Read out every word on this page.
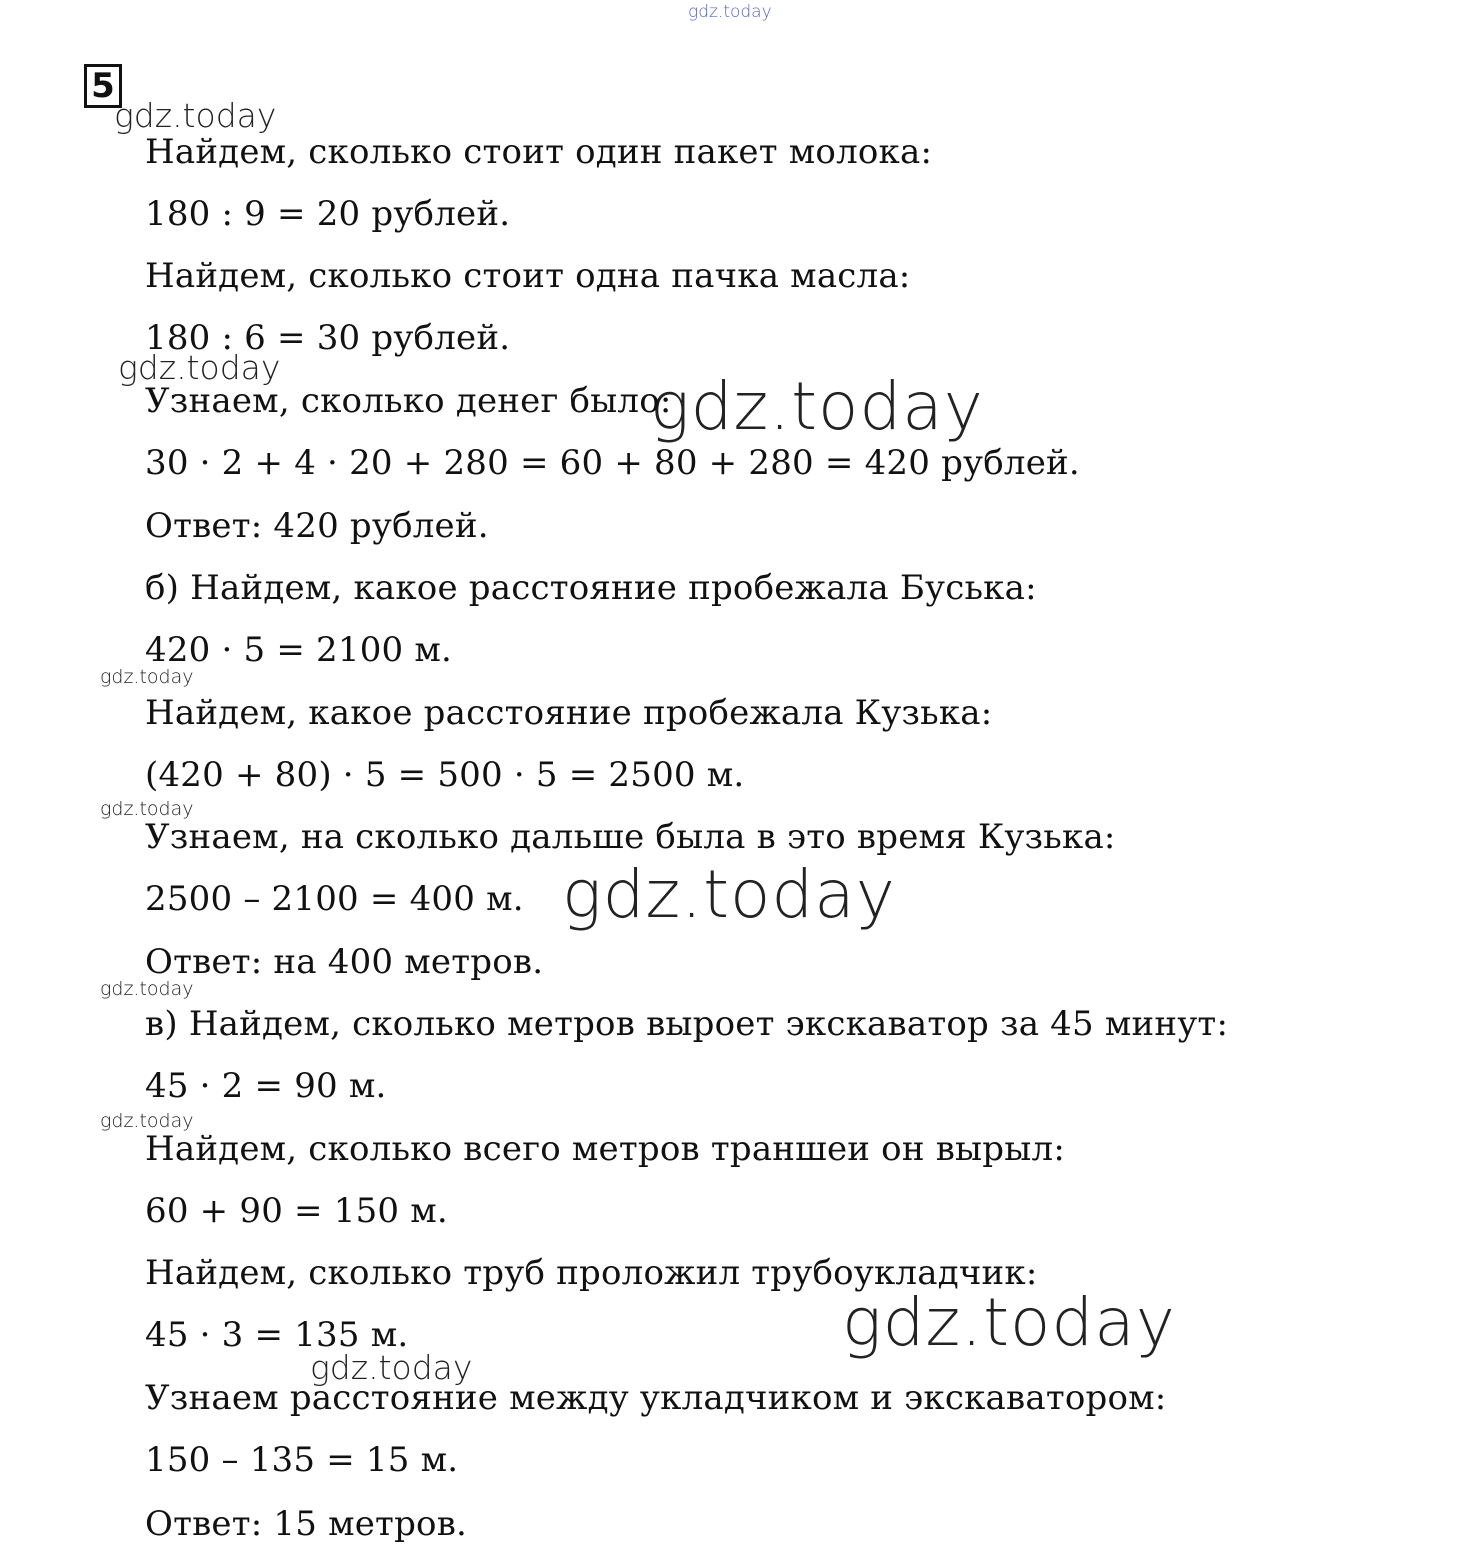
gdz.today
5
gdz.today
gdz.today
gdz.today
gdz.today
gdz.today
gdz.today
gdz.today
gdz.today
gdz.today
gdz.today
Найдем, сколько стоит один пакет молока:
180 : 9 = 20 рублей.
Найдем, сколько стоит одна пачка масла:
180 : 6 = 30 рублей.
Узнаем, сколько денег было:
30 · 2 + 4 · 20 + 280 = 60 + 80 + 280 = 420 рублей.
Ответ: 420 рублей.
б) Найдем, какое расстояние пробежала Буська:
420 · 5 = 2100 м.
Найдем, какое расстояние пробежала Кузька:
(420 + 80) · 5 = 500 · 5 = 2500 м.
Узнаем, на сколько дальше была в это время Кузька:
2500 – 2100 = 400 м.
Ответ: на 400 метров.
в) Найдем, сколько метров выроет экскаватор за 45 минут:
45 · 2 = 90 м.
Найдем, сколько всего метров траншеи он вырыл:
60 + 90 = 150 м.
Найдем, сколько труб проложил трубоукладчик:
45 · 3 = 135 м.
Узнаем расстояние между укладчиком и экскаватором:
150 – 135 = 15 м.
Ответ: 15 метров.
